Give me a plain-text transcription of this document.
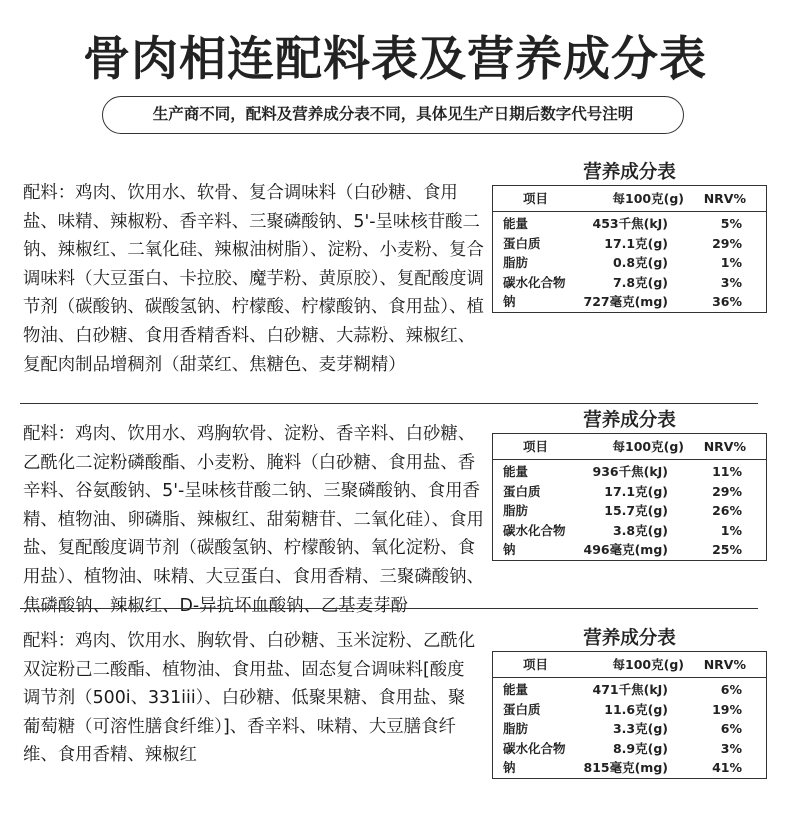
骨肉相连配料表及营养成分表
生产商不同，配料及营养成分表不同，具体见生产日期后数字代号注明
营养成分表
项目	每100克(g) NRV%
能量	453千焦(kJ)	5%
蛋白质	17.1克(g)	29%
脂肪	0.8克(g)	1%
碳水化合物	7.8克(g)	3%
钠	727毫克(mg)	36%

配料：鸡肉、饮用水、软骨、复合调味料（白砂糖、食用盐、味精、辣椒粉、香辛料、三聚磷酸钠、5'-呈味核苷酸二钠、辣椒红、二氧化硅、辣椒油树脂）、淀粉、小麦粉、复合调味料（大豆蛋白、卡拉胶、魔芋粉、黄原胶）、复配酸度调节剂（碳酸钠、碳酸氢钠、柠檬酸、柠檬酸钠、食用盐）、植物油、白砂糖、食用香精香料、白砂糖、大蒜粉、辣椒红、复配肉制品增稠剂（甜菜红、焦糖色、麦芽糊精）

营养成分表
项目	每100克(g) NRV%
能量	936千焦(kJ)	11%
蛋白质	17.1克(g)	29%
脂肪	15.7克(g)	26%
碳水化合物	3.8克(g)	1%
钠	496毫克(mg)	25%

配料：鸡肉、饮用水、鸡胸软骨、淀粉、香辛料、白砂糖、乙酰化二淀粉磷酸酯、小麦粉、腌料（白砂糖、食用盐、香辛料、谷氨酸钠、5'-呈味核苷酸二钠、三聚磷酸钠、食用香精、植物油、卵磷脂、辣椒红、甜菊糖苷、二氧化硅）、食用盐、复配酸度调节剂（碳酸氢钠、柠檬酸钠、氧化淀粉、食用盐）、植物油、味精、大豆蛋白、食用香精、三聚磷酸钠、焦磷酸钠、辣椒红、D-异抗坏血酸钠、乙基麦芽酚

营养成分表
项目	每100克(g) NRV%
能量	471千焦(kJ)	6%
蛋白质	11.6克(g)	19%
脂肪	3.3克(g)	6%
碳水化合物	8.9克(g)	3%
钠	815毫克(mg)	41%

配料：鸡肉、饮用水、胸软骨、白砂糖、玉米淀粉、乙酰化双淀粉己二酸酯、植物油、食用盐、固态复合调味料[酸度调节剂（500i、331iii）、白砂糖、低聚果糖、食用盐、聚葡萄糖（可溶性膳食纤维）]、香辛料、味精、大豆膳食纤维、食用香精、辣椒红
